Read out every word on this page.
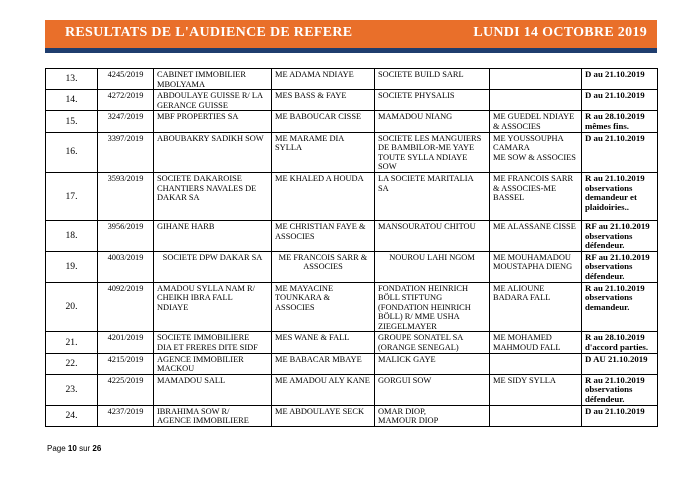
RESULTATS DE L'AUDIENCE DE REFERE	LUNDI 14 OCTOBRE 2019
13.	4245/2019	CABINET IMMOBILIER
MBOLYAMA	ME ADAMA NDIAYE	SOCIETE BUILD SARL		D au 21.10.2019

14.	4272/2019	ABDOULAYE GUISSE R/ LA
GERANCE GUISSE	MES BASS & FAYE	SOCIETE PHYSALIS		D au 21.10.2019

15.	3247/2019	MBF PROPERTIES SA	ME BABOUCAR CISSE	MAMADOU NIANG	ME GUEDEL NDIAYE
& ASSOCIES	R au 28.10.2019
mêmes fins.

16.	3397/2019	ABOUBAKRY SADIKH SOW	ME MARAME DIA
SYLLA	SOCIETE LES MANGUIERS
DE BAMBILOR-ME YAYE
TOUTE SYLLA NDIAYE
SOW	ME YOUSSOUPHA
CAMARA
ME SOW & ASSOCIES	D au 21.10.2019

17.	3593/2019	SOCIETE DAKAROISE
CHANTIERS NAVALES DE
DAKAR SA	ME KHALED A HOUDA	LA SOCIETE MARITALIA
SA	ME FRANCOIS SARR
& ASSOCIES-ME
BASSEL	R au 21.10.2019
observations
demandeur et
plaidoiries..

18.	3956/2019	GIHANE HARB	ME CHRISTIAN FAYE &
ASSOCIES	MANSOURATOU CHITOU	ME ALASSANE CISSE	RF au 21.10.2019
observations
défendeur.

19.	4003/2019	SOCIETE DPW DAKAR SA	ME FRANCOIS SARR &
ASSOCIES	NOUROU LAHI NGOM	ME MOUHAMADOU
MOUSTAPHA DIENG	RF au 21.10.2019
observations
défendeur.

20.	4092/2019	AMADOU SYLLA NAM R/
CHEIKH IBRA FALL
NDIAYE	ME MAYACINE
TOUNKARA &
ASSOCIES	FONDATION HEINRICH
BÖLL STIFTUNG
(FONDATION HEINRICH
BÖLL) R/ MME USHA
ZIEGELMAYER	ME ALIOUNE
BADARA FALL	R au 21.10.2019
observations
demandeur.

21.	4201/2019	SOCIETE IMMOBILIERE
DIA ET FRERES DITE SIDF	MES WANE & FALL	GROUPE SONATEL SA
(ORANGE SENEGAL)	ME MOHAMED
MAHMOUD FALL	R au 28.10.2019
d'accord parties.

22.	4215/2019	AGENCE IMMOBILIER
MACKOU	ME BABACAR MBAYE	MALICK GAYE		D AU 21.10.2019

23.	4225/2019	MAMADOU SALL	ME AMADOU ALY KANE	GORGUI SOW	ME SIDY SYLLA	R au 21.10.2019
observations
défendeur.

24.	4237/2019	IBRAHIMA SOW R/
AGENCE IMMOBILIERE	ME ABDOULAYE SECK	OMAR DIOP,
MAMOUR DIOP		D au 21.10.2019
Page 10 sur 26
